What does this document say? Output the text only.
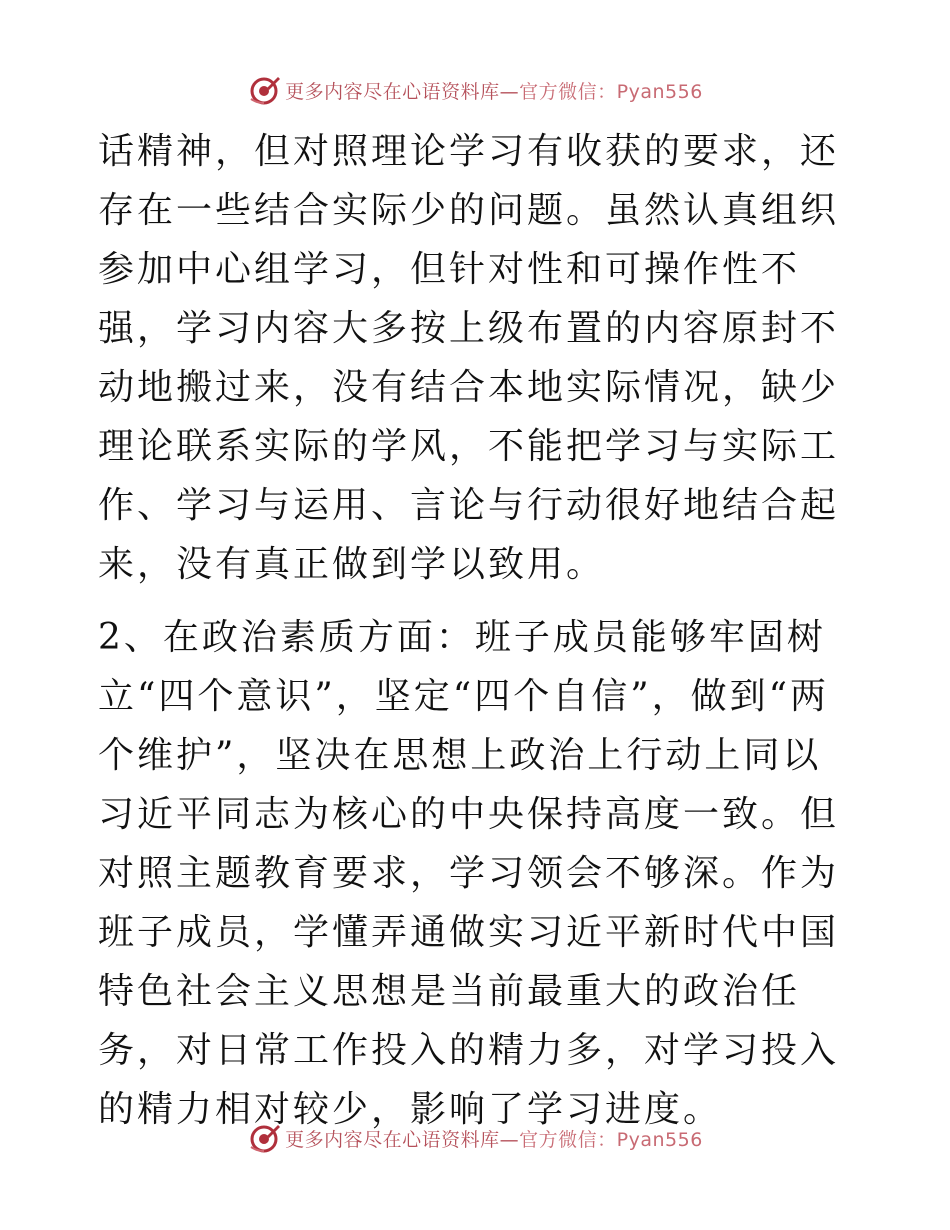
更多内容尽在心语资料库—官方微信：Pyan556

话精神，但对照理论学习有收获的要求，还存在一些结合实际少的问题。虽然认真组织参加中心组学习，但针对性和可操作性不强，学习内容大多按上级布置的内容原封不动地搬过来，没有结合本地实际情况，缺少理论联系实际的学风，不能把学习与实际工作、学习与运用、言论与行动很好地结合起来，没有真正做到学以致用。

2、在政治素质方面：班子成员能够牢固树立“四个意识”，坚定“四个自信”，做到“两个维护”，坚决在思想上政治上行动上同以习近平同志为核心的中央保持高度一致。但对照主题教育要求，学习领会不够深。作为班子成员，学懂弄通做实习近平新时代中国特色社会主义思想是当前最重大的政治任务，对日常工作投入的精力多，对学习投入的精力相对较少，影响了学习进度。

更多内容尽在心语资料库—官方微信：Pyan556
